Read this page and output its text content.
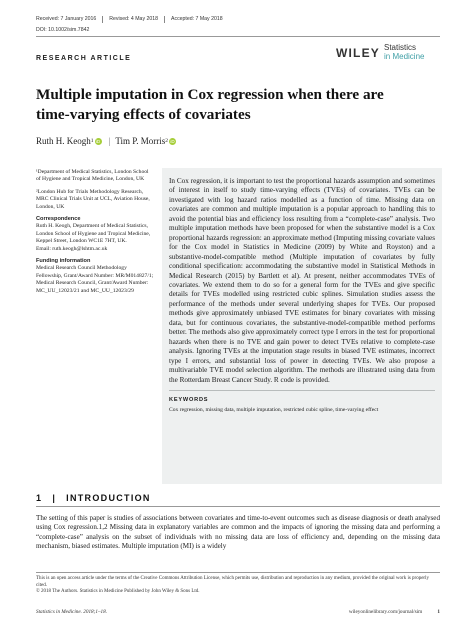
Received: 7 January 2016	Revised: 4 May 2018	Accepted: 7 May 2018
DOI: 10.1002/sim.7842
WILEY Statistics
in Medicine
RESEARCH ARTICLE
Multiple imputation in Cox regression when there are
time-varying effects of covariates
Ruth H. Keogh 1 iD | Tim P. Morris 2 iD
¹Department of Medical Statistics, London School of Hygiene and Tropical Medicine, London, UK
²London Hub for Trials Methodology Research, MRC Clinical Trials Unit at UCL, Aviation House, London, UK
Correspondence
Ruth H. Keogh, Department of Medical Statistics, London School of Hygiene and Tropical Medicine, Keppel Street, London WC1E 7HT, UK.
Email: ruth.keogh@lshtm.ac.uk
Funding information
Medical Research Council Methodology Fellowship, Grant/Award Number: MR/M014827/1; Medical Research Council, Grant/Award Number: MC_UU_12023/21 and MC_UU_12023/29
In Cox regression, it is important to test the proportional hazards assumption and sometimes of interest in itself to study time-varying effects (TVEs) of covariates. TVEs can be investigated with log hazard ratios modelled as a function of time. Missing data on covariates are common and multiple imputation is a popular approach to handling this to avoid the potential bias and efficiency loss resulting from a “complete-case” analysis. Two multiple imputation methods have been proposed for when the substantive model is a Cox proportional hazards regression: an approximate method (Imputing missing covariate values for the Cox model in Statistics in Medicine (2009) by White and Royston) and a substantive-model-compatible method (Multiple imputation of covariates by fully conditional specification: accommodating the substantive model in Statistical Methods in Medical Research (2015) by Bartlett et al). At present, neither accommodates TVEs of covariates. We extend them to do so for a general form for the TVEs and give specific details for TVEs modelled using restricted cubic splines. Simulation studies assess the performance of the methods under several underlying shapes for TVEs. Our proposed methods give approximately unbiased TVE estimates for binary covariates with missing data, but for continuous covariates, the substantive-model-compatible method performs better. The methods also give approximately correct type I errors in the test for proportional hazards when there is no TVE and gain power to detect TVEs relative to complete-case analysis. Ignoring TVEs at the imputation stage results in biased TVE estimates, incorrect type I errors, and substantial loss of power in detecting TVEs. We also propose a multivariable TVE model selection algorithm. The methods are illustrated using data from the Rotterdam Breast Cancer Study. R code is provided.
KEYWORDS
Cox regression, missing data, multiple imputation, restricted cubic spline, time-varying effect
1 | INTRODUCTION
The setting of this paper is studies of associations between covariates and time-to-event outcomes such as disease diagnosis or death analysed using Cox regression.1,2 Missing data in explanatory variables are common and the impacts of ignoring the missing data and performing a “complete-case” analysis on the subset of individuals with no missing data are loss of efficiency and, depending on the missing data mechanism, biased estimates. Multiple imputation (MI) is a widely
This is an open access article under the terms of the Creative Commons Attribution License, which permits use, distribution and reproduction in any medium, provided the original work is properly cited.
© 2018 The Authors. Statistics in Medicine Published by John Wiley & Sons Ltd.
Statistics in Medicine. 2018;1–18.	wileyonlinelibrary.com/journal/sim	1
